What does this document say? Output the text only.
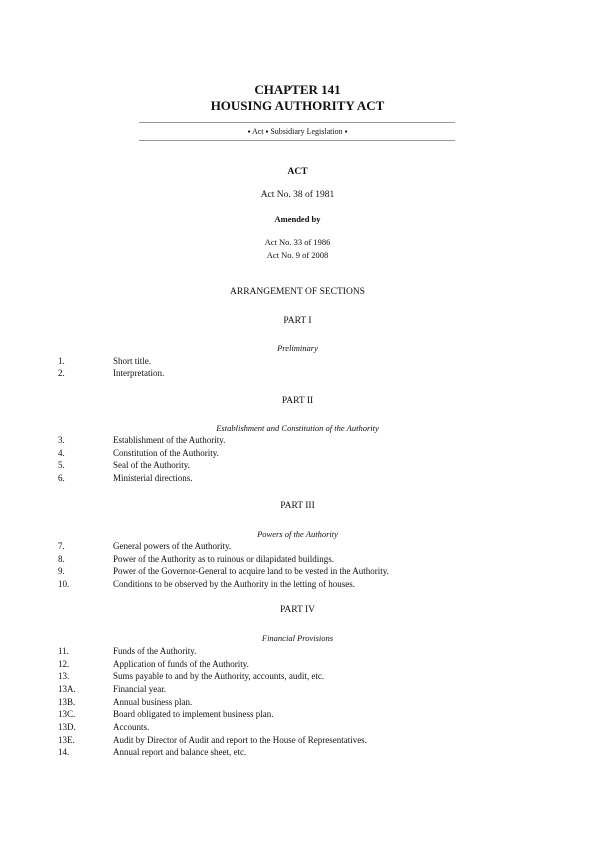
CHAPTER 141
HOUSING AUTHORITY ACT
▪ Act ▪ Subsidiary Legislation ▪
ACT
Act No. 38 of 1981
Amended by
Act No. 33 of 1986
Act No. 9 of 2008
ARRANGEMENT OF SECTIONS
PART I
Preliminary
1.	Short title.
2.	Interpretation.
PART II
Establishment and Constitution of the Authority
3.	Establishment of the Authority.
4.	Constitution of the Authority.
5.	Seal of the Authority.
6.	Ministerial directions.
PART III
Powers of the Authority
7.	General powers of the Authority.
8.	Power of the Authority as to ruinous or dilapidated buildings.
9.	Power of the Governor-General to acquire land to be vested in the Authority.
10.	Conditions to be observed by the Authority in the letting of houses.
PART IV
Financial Provisions
11.	Funds of the Authority.
12.	Application of funds of the Authority.
13.	Sums payable to and by the Authority, accounts, audit, etc.
13A.	Financial year.
13B.	Annual business plan.
13C.	Board obligated to implement business plan.
13D.	Accounts.
13E.	Audit by Director of Audit and report to the House of Representatives.
14.	Annual report and balance sheet, etc.
